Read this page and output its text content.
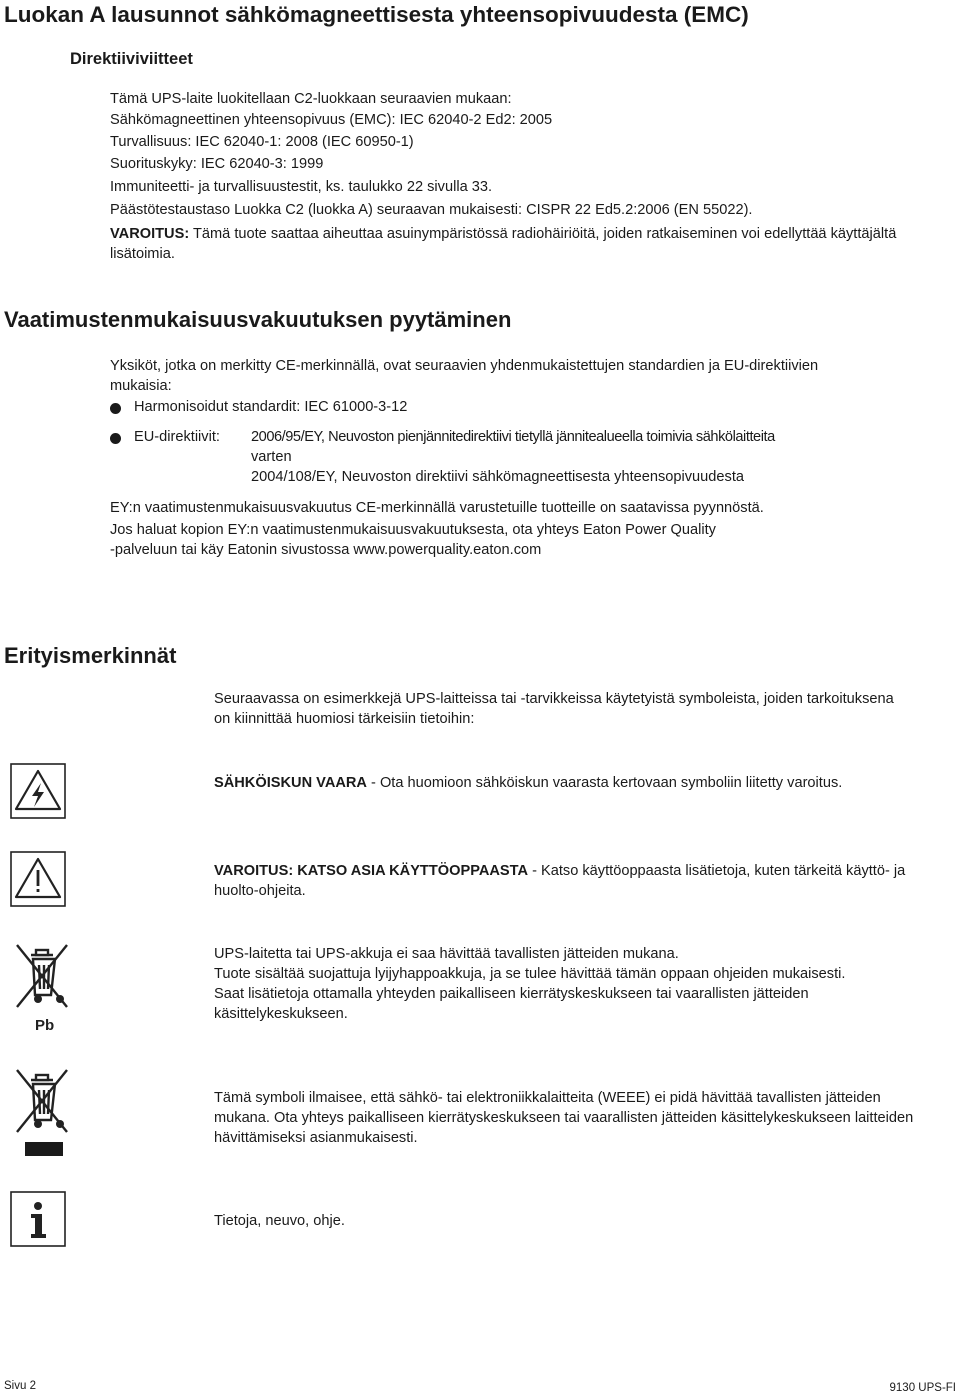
Luokan A lausunnot sähkömagneettisesta yhteensopivuudesta (EMC)
Direktiiviviitteet
Tämä UPS-laite luokitellaan C2-luokkaan seuraavien mukaan:
Sähkömagneettinen yhteensopivuus (EMC): IEC 62040-2 Ed2: 2005
Turvallisuus: IEC 62040-1: 2008 (IEC 60950-1)
Suorituskyky: IEC 62040-3: 1999
Immuniteetti- ja turvallisuustestit, ks. taulukko 22 sivulla 33.
Päästötestaustaso Luokka C2 (luokka A) seuraavan mukaisesti: CISPR 22 Ed5.2:2006 (EN 55022).
VAROITUS: Tämä tuote saattaa aiheuttaa asuinympäristössä radiohäiriöitä, joiden ratkaiseminen voi edellyttää käyttäjältä lisätoimia.
Vaatimustenmukaisuusvakuutuksen pyytäminen
Yksiköt, jotka on merkitty CE-merkinnällä, ovat seuraavien yhdenmukaistettujen standardien ja EU-direktiivien mukaisia:
Harmonisoidut standardit: IEC 61000-3-12
EU-direktiivit: 2006/95/EY, Neuvoston pienjännitedirektiivi tietyllä jännitealueella toimivia sähkölaitteita
varten
2004/108/EY, Neuvoston direktiivi sähkömagneettisesta yhteensopivuudesta
EY:n vaatimustenmukaisuusvakuutus CE-merkinnällä varustetuille tuotteille on saatavissa pyynnöstä.
Jos haluat kopion EY:n vaatimustenmukaisuusvakuutuksesta, ota yhteys Eaton Power Quality
-palveluun tai käy Eatonin sivustossa www.powerquality.eaton.com
Erityismerkinnät
Seuraavassa on esimerkkejä UPS-laitteissa tai -tarvikkeissa käytetyistä symboleista, joiden tarkoituksena on kiinnittää huomiosi tärkeisiin tietoihin:
SÄHKÖISKUN VAARA - Ota huomioon sähköiskun vaarasta kertovaan symboliin liitetty varoitus.
VAROITUS: KATSO ASIA KÄYTTÖOPPAASTA - Katso käyttöoppaasta lisätietoja, kuten tärkeitä käyttö- ja huolto-ohjeita.
Pb
UPS-laitetta tai UPS-akkuja ei saa hävittää tavallisten jätteiden mukana.
Tuote sisältää suojattuja lyijyhappoakkuja, ja se tulee hävittää tämän oppaan ohjeiden mukaisesti.
Saat lisätietoja ottamalla yhteyden paikalliseen kierrätyskeskukseen tai vaarallisten jätteiden käsittelykeskukseen.
Tämä symboli ilmaisee, että sähkö- tai elektroniikkalaitteita (WEEE) ei pidä hävittää tavallisten jätteiden mukana. Ota yhteys paikalliseen kierrätyskeskukseen tai vaarallisten jätteiden käsittelykeskukseen laitteiden hävittämiseksi asianmukaisesti.
Tietoja, neuvo, ohje.
Sivu 2	9130 UPS-FI
